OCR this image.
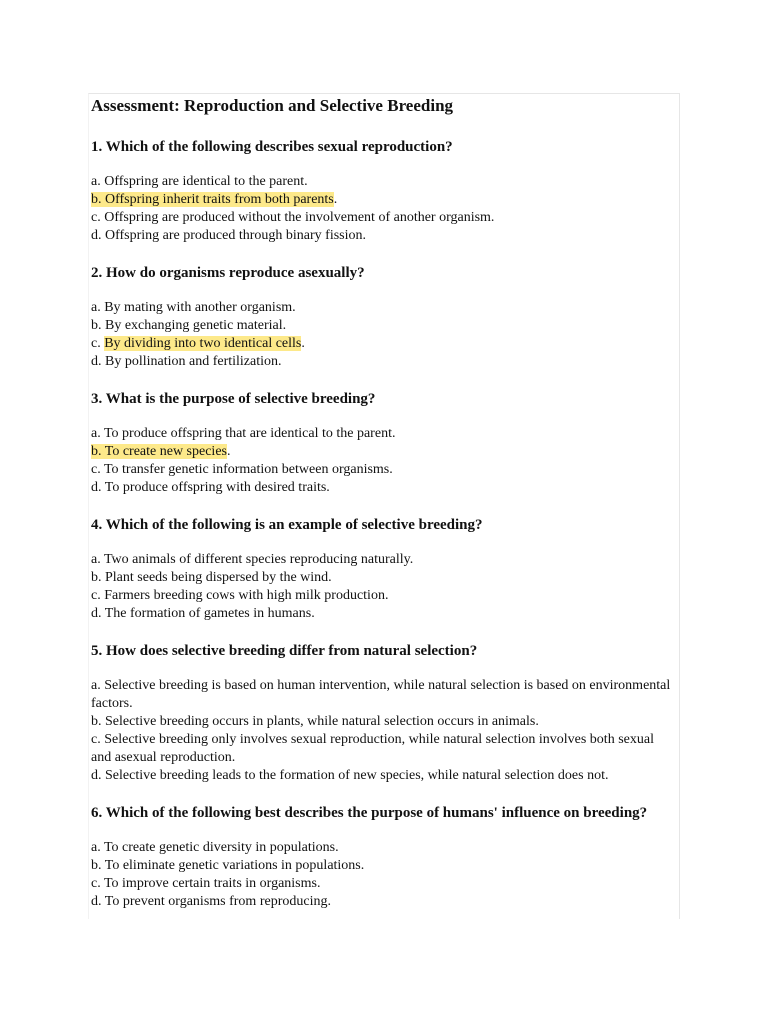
Assessment: Reproduction and Selective Breeding

1. Which of the following describes sexual reproduction?

a. Offspring are identical to the parent.

b. Offspring inherit traits from both parents.

c. Offspring are produced without the involvement of another organism.

d. Offspring are produced through binary fission.

2. How do organisms reproduce asexually?

a. By mating with another organism.

b. By exchanging genetic material.

c. By dividing into two identical cells.

d. By pollination and fertilization.

3. What is the purpose of selective breeding?

a. To produce offspring that are identical to the parent.

b. To create new species.

c. To transfer genetic information between organisms.

d. To produce offspring with desired traits.

4. Which of the following is an example of selective breeding?

a. Two animals of different species reproducing naturally.

b. Plant seeds being dispersed by the wind.

c. Farmers breeding cows with high milk production.

d. The formation of gametes in humans.

5. How does selective breeding differ from natural selection?

a. Selective breeding is based on human intervention, while natural selection is based on environmental factors.

b. Selective breeding occurs in plants, while natural selection occurs in animals.

c. Selective breeding only involves sexual reproduction, while natural selection involves both sexual and asexual reproduction.

d. Selective breeding leads to the formation of new species, while natural selection does not.

6. Which of the following best describes the purpose of humans' influence on breeding?

a. To create genetic diversity in populations.

b. To eliminate genetic variations in populations.

c. To improve certain traits in organisms.

d. To prevent organisms from reproducing.
